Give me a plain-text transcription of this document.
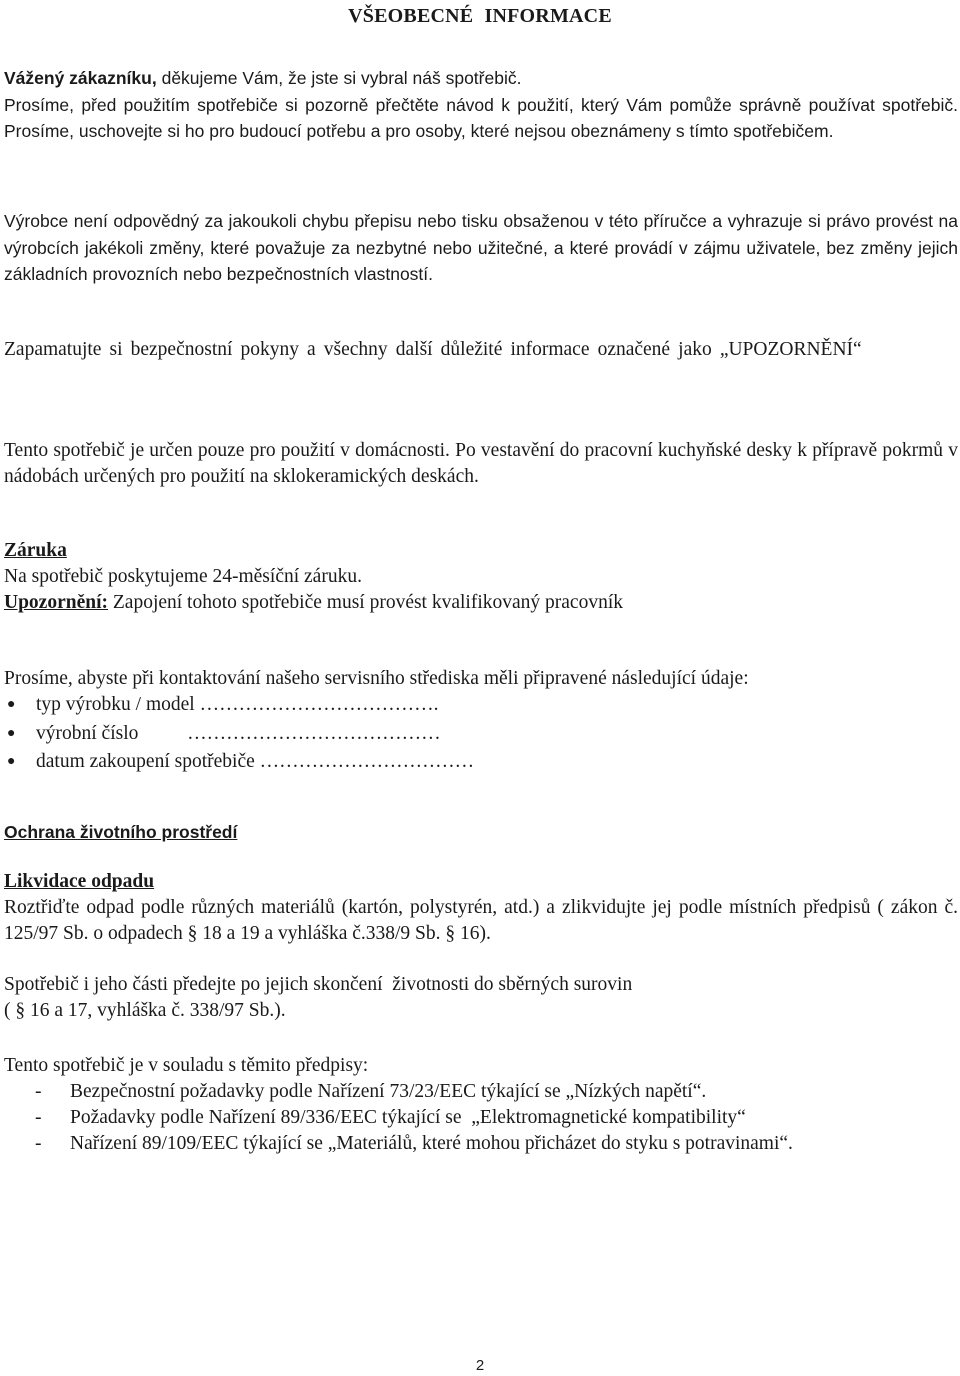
VŠEOBECNÉ INFORMACE

Vážený zákazníku, děkujeme Vám, že jste si vybral náš spotřebič.
Prosíme, před použitím spotřebiče si pozorně přečtěte návod k použití, který Vám pomůže správně používat spotřebič. Prosíme, uschovejte si ho pro budoucí potřebu a pro osoby, které nejsou obeznámeny s tímto spotřebičem.

Výrobce není odpovědný za jakoukoli chybu přepisu nebo tisku obsaženou v této příručce a vyhrazuje si právo provést na výrobcích jakékoli změny, které považuje za nezbytné nebo užitečné, a které provádí v zájmu uživatele, bez změny jejich základních provozních nebo bezpečnostních vlastností.

Zapamatujte si bezpečnostní pokyny a všechny další důležité informace označené jako „UPOZORNĚNÍ“

Tento spotřebič je určen pouze pro použití v domácnosti. Po vestavění do pracovní kuchyňské desky k přípravě pokrmů v nádobách určených pro použití na sklokeramických deskách.

Záruka
Na spotřebič poskytujeme 24-měsíční záruku.
Upozornění: Zapojení tohoto spotřebiče musí provést kvalifikovaný pracovník

Prosíme, abyste při kontaktování našeho servisního střediska měli připravené následující údaje:

● typ výrobku / model ……………………………….
● výrobní číslo          …………………………………
● datum zakoupení spotřebiče ……………………………
Ochrana životního prostředí
Likvidace odpadu

Roztřiďte odpad podle různých materiálů (kartón, polystyrén, atd.) a zlikvidujte jej podle místních předpisů ( zákon č. 125/97 Sb. o odpadech § 18 a 19 a vyhláška č.338/9 Sb. § 16).

Spotřebič i jeho části předejte po jejich skončení  životnosti do sběrných surovin
( § 16 a 17, vyhláška č. 338/97 Sb.).

Tento spotřebič je v souladu s těmito předpisy:

- Bezpečnostní požadavky podle Nařízení 73/23/EEC týkající se „Nízkých napětí“.
- Požadavky podle Nařízení 89/336/EEC týkající se  „Elektromagnetické kompatibility“
- Nařízení 89/109/EEC týkající se „Materiálů, které mohou přicházet do styku s potravinami“.
2
